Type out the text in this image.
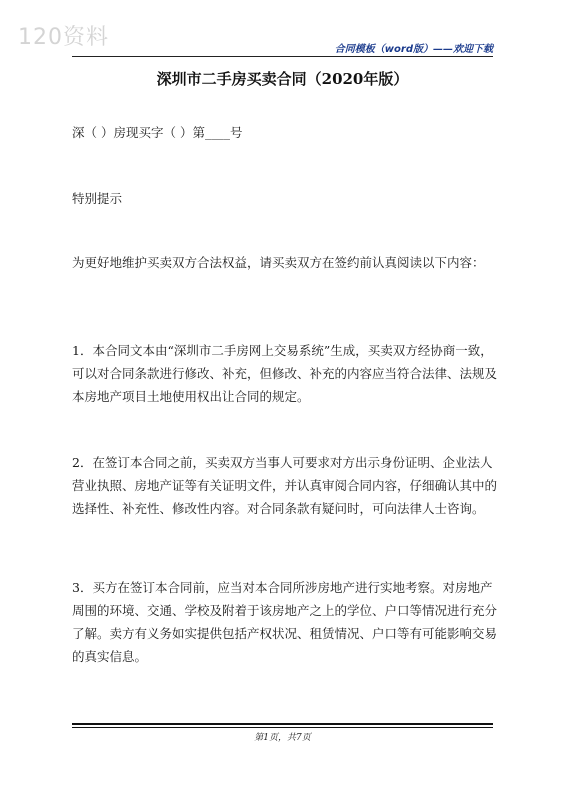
120资料	合同模板（word版）——欢迎下载
深圳市二手房买卖合同（2020年版）

深（ ）房现买字（ ）第____号

特别提示

为更好地维护买卖双方合法权益，请买卖双方在签约前认真阅读以下内容：

1．本合同文本由“深圳市二手房网上交易系统”生成，买卖双方经协商一致，可以对合同条款进行修改、补充，但修改、补充的内容应当符合法律、法规及本房地产项目土地使用权出让合同的规定。

2．在签订本合同之前，买卖双方当事人可要求对方出示身份证明、企业法人营业执照、房地产证等有关证明文件，并认真审阅合同内容，仔细确认其中的选择性、补充性、修改性内容。对合同条款有疑问时，可向法律人士咨询。

3．买方在签订本合同前，应当对本合同所涉房地产进行实地考察。对房地产周围的环境、交通、学校及附着于该房地产之上的学位、户口等情况进行充分了解。卖方有义务如实提供包括产权状况、租赁情况、户口等有可能影响交易的真实信息。

第1页，共7页
